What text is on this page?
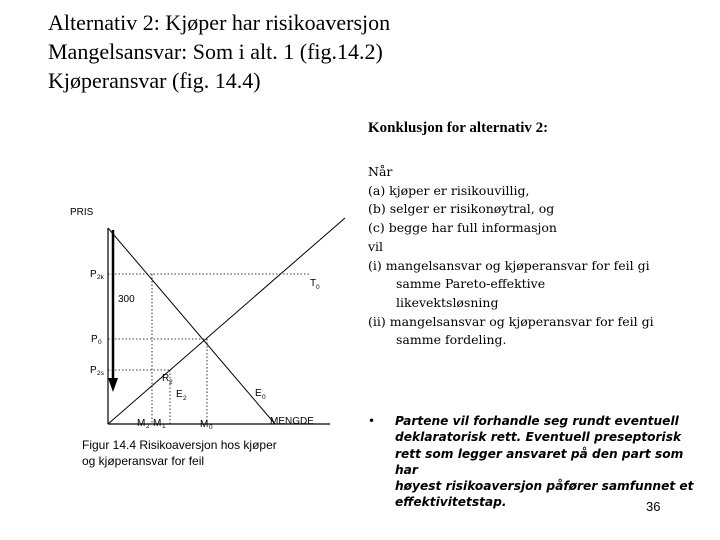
Alternativ 2: Kjøper har risikoaversjon
Mangelsansvar: Som i alt. 1 (fig.14.2)
Kjøperansvar (fig. 14.4)
Konklusjon for alternativ 2:
Når
(a) kjøper er risikouvillig,
(b) selger er risikonøytral, og
(c) begge har full informasjon
vil
(i) mangelsansvar og kjøperansvar for feil gi
samme Pareto-effektive
likevektsløsning
(ii) mangelsansvar og kjøperansvar for feil gi
samme fordeling.
• Partene vil forhandle seg rundt eventuell
deklaratorisk rett. Eventuell preseptorisk
rett som legger ansvaret på den part som har
høyest risikoaversjon påfører samfunnet et
effektivitetstap.	36
PRIS
MENGDE
P 2k
T 0
300
P 0
P 2s	R 2
E 2	E 0
M 2 M 1	M 0
Figur 14.4 Risikoaversjon hos kjøper
og kjøperansvar for feil
